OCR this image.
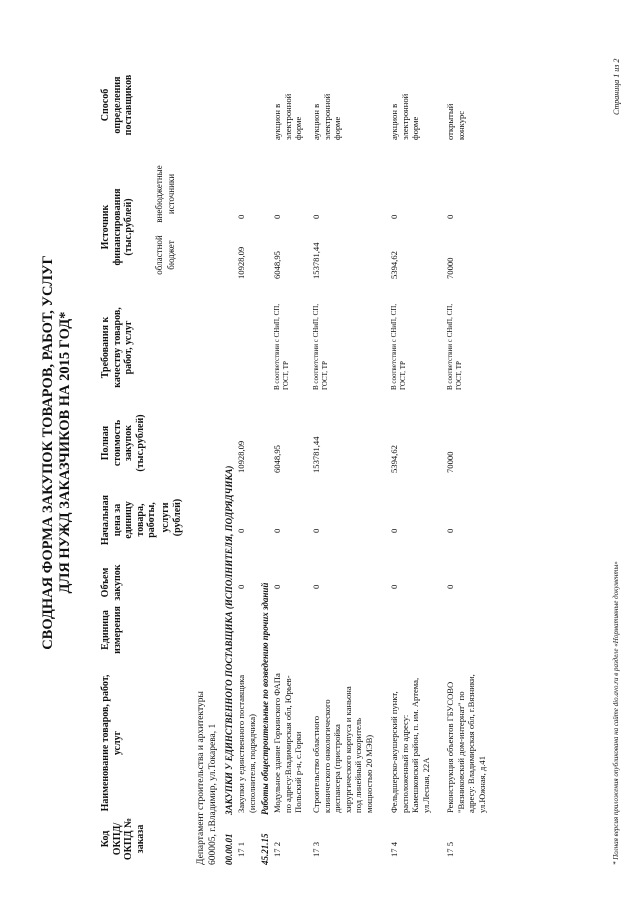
СВОДНАЯ ФОРМА ЗАКУПОК ТОВАРОВ, РАБОТ, УСЛУГ ДЛЯ НУЖД ЗАКАЗЧИКОВ НА 2015 ГОД*
Код ОКПД/ ОКПД № заказа
Наименование товаров, работ, услуг
Единица измерения
Объем закупок
Начальная цена за единицу товара, работы, услуги (рублей)
Полная стоимость закупок (тыс.рублей)
Требования к качеству товаров, работ, услуг
Источник финансирования (тыс.рублей) областной бюджет
внебюджетные источники
Способ определения поставщиков
Департамент строительства и архитектуры 600005, г.Владимир, ул.Токарева, 1 00.00.01
ЗАКУПКИ У ЕДИНСТВЕННОГО ПОСТАВЩИКА (ИСПОЛНИТЕЛЯ, ПОДРЯДЧИКА)
17 1
Закупки у единственного поставщика (исполнителя, подрядчика)
0
0
10928,09
10928,09
0
45.21.15
Работы общестроительные по возведению прочих зданий
17 2
Модульное здание Горкинского ФАПа по адресу:Владимирская обл, Юрьев-Польский р-н, с.Горки
0
0
6048,95
В соответствии с СНиП, СП, ГОСТ, ТР
6048,95
0
аукцион в электронной форме
17 3
Строительство областного клинического онкологического диспансера (пристройка хирургического корпуса и каньона под линейный ускоритель мощностью 20 МЭВ)
0
0
153781,44
В соответствии с СНиП, СП, ГОСТ, ТР
153781,44
0
аукцион в электронной форме
17 4
Фельдшерско-акушерский пункт, расположенный по адресу: Камешковский район, п. им. Артема, ул.Лесная, 22А
0
0
5394,62
В соответствии с СНиП, СП, ГОСТ, ТР
5394,62
0
аукцион в электронной форме
17 5
Реконструкция объектов ГБУСОВО "Вязниковский дом-интернат" по адресу: Владимирская обл, г.Вязники, ул.Южная, д.41
0
0
70000
В соответствии с СНиП, СП, ГОСТ, ТР
70000
0
открытый конкурс
* Полная версия приложения опубликована на сайте dio.avo.ru в разделе «Нормативные документы»
Страница 1 из 2
